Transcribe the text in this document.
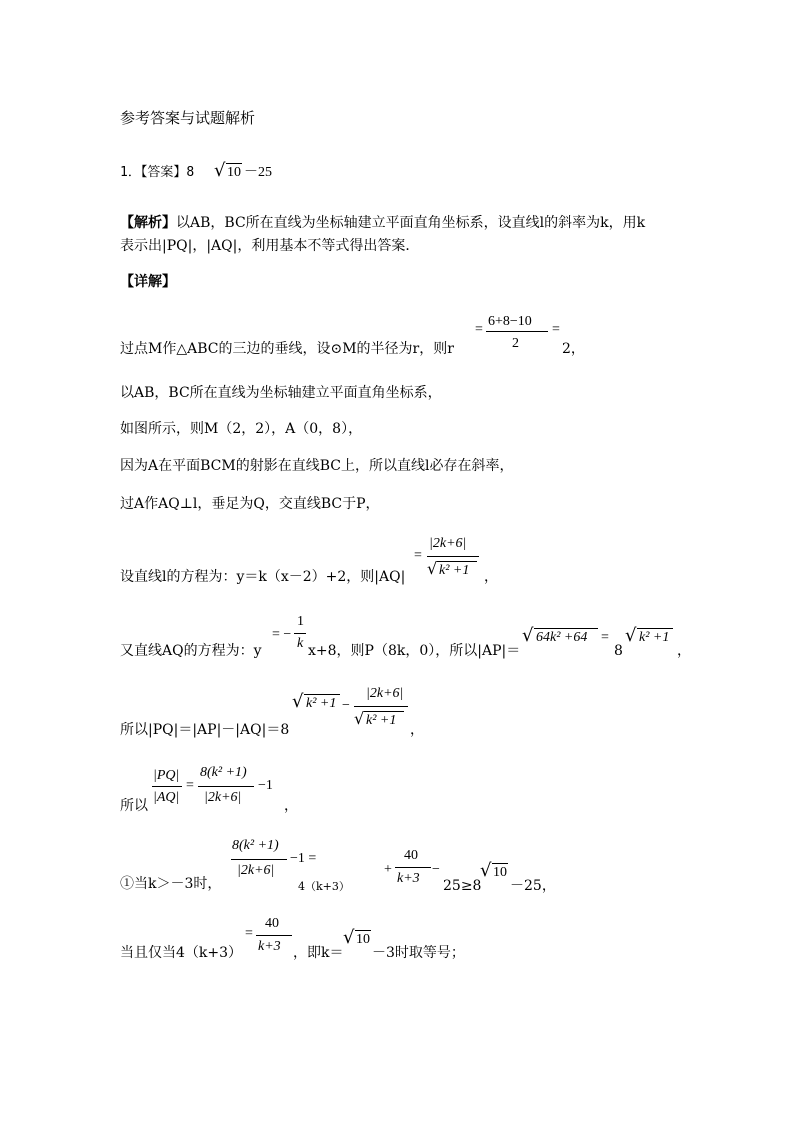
参考答案与试题解析
1．【答案】8 √ 10 －25
【解析】以AB，BC所在直线为坐标轴建立平面直角坐标系，设直线l的斜率为k，用k
表示出|PQ|，|AQ|，利用基本不等式得出答案．
【详解】
过点M作△ABC的三边的垂线，设⊙M的半径为r，则r
=
6+8−10
2
=
2，
以AB，BC所在直线为坐标轴建立平面直角坐标系，
如图所示，则M（2，2），A（0，8），
因为A在平面BCM的射影在直线BC上，所以直线l必存在斜率，
过A作AQ⊥l，垂足为Q，交直线BC于P，
设直线l的方程为：y＝k（x－2）+2，则|AQ|
=
|2k+6|
√ k² +1 ，
又直线AQ的方程为：y
= −
1
k x+8，则P（8k，0），所以|AP|＝
√ 64k² +64 =
8
√ k² +1
，
所以|PQ|＝|AP|－|AQ|＝8
√ k² +1 −
|2k+6|
√ k² +1
，
所以
|PQ|
|AQ|
=
8(k² +1)
|2k+6|
−1
，
①当k＞－3时，
8(k² +1)
|2k+6|
−1 =
4（k+3）
+
40
k+3
−
25≥8
√ 10
－25，
当且仅当4（k+3）
=
40
k+3 ，即k＝
√ 10
－3时取等号；
